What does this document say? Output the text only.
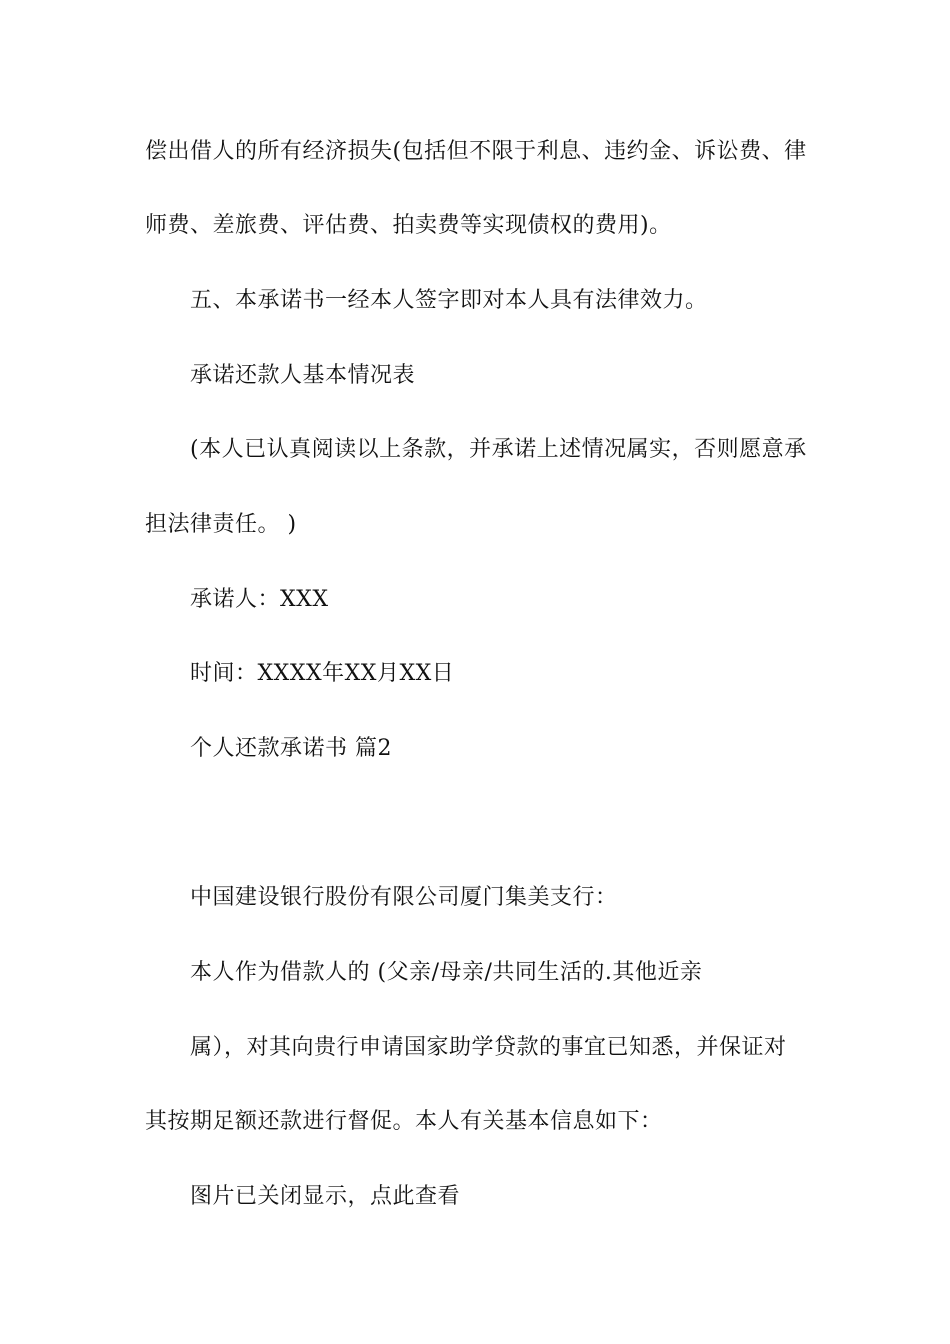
偿出借人的所有经济损失(包括但不限于利息、违约金、诉讼费、律
师费、差旅费、评估费、拍卖费等实现债权的费用)。
五、本承诺书一经本人签字即对本人具有法律效力。
承诺还款人基本情况表
(本人已认真阅读以上条款，并承诺上述情况属实，否则愿意承
担法律责任。 )
承诺人：XXX
时间：XXXX年XX月XX日
个人还款承诺书 篇2
中国建设银行股份有限公司厦门集美支行：
本人作为借款人的 (父亲/母亲/共同生活的.其他近亲
属），对其向贵行申请国家助学贷款的事宜已知悉，并保证对
其按期足额还款进行督促。本人有关基本信息如下：
图片已关闭显示，点此查看
